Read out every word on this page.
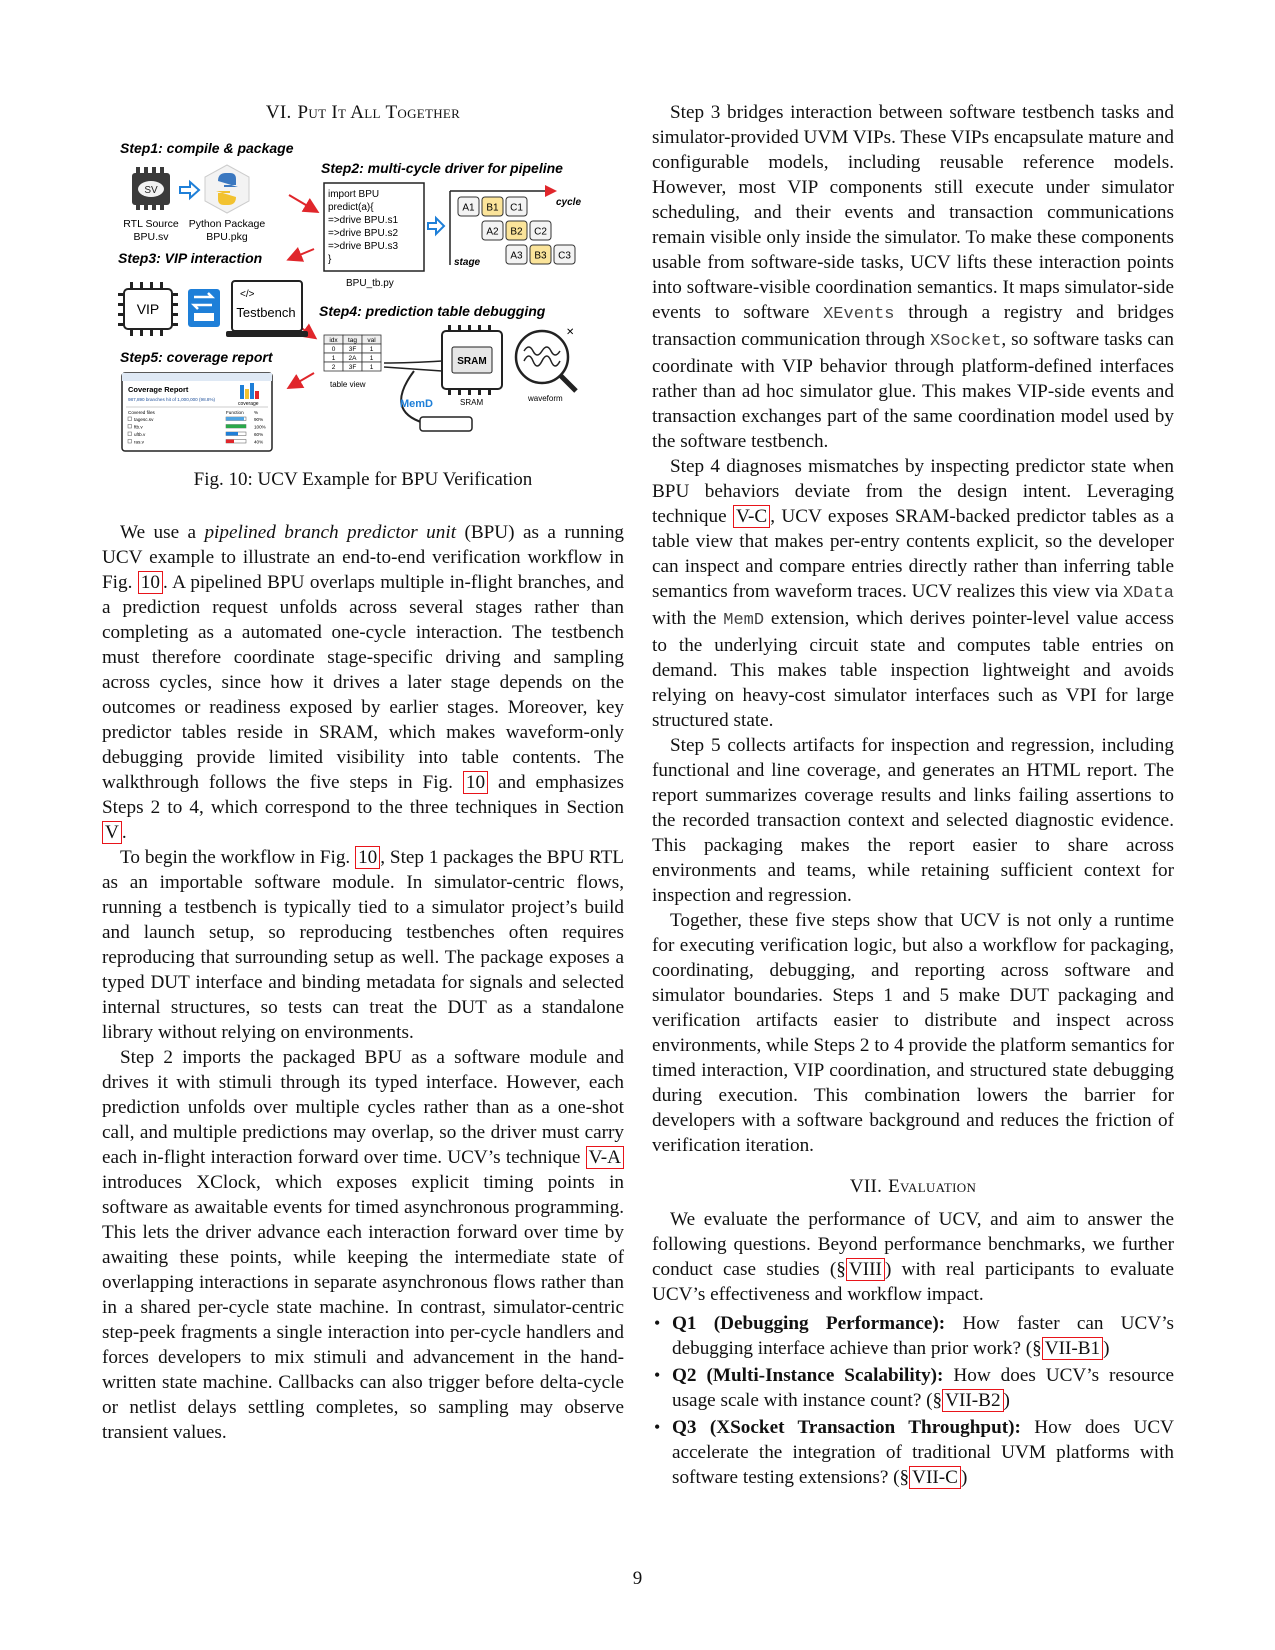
VI. Put It All Together
Step1: compile & package
SV
RTL Source
BPU.sv
Python Package
BPU.pkg
Step2: multi-cycle driver for pipeline
import BPU
predict(a){
=>drive BPU.s1
=>drive BPU.s2
=>drive BPU.s3
}
BPU_tb.py
cycle
stage
A1 B1 C1
A2 B2 C2
A3 B3 C3
Step3: VIP interaction
VIP
</>
Testbench Step4: prediction table debugging
idx tag val
0 3F 1
1 2A 1
2 3F 1
table view
SRAM
SRAM
MemD
✕
waveform
Step5: coverage report
Coverage Report
987,890 branches hit of 1,000,000 (98.8%)
coverage
Covered files	Function %
tagesc.sv	90%
ftb.v	100%
uftb.v	60%
ras.v	40%
Fig. 10: UCV Example for BPU Verification

We use a pipelined branch predictor unit (BPU) as a running UCV example to illustrate an end-to-end verification workflow in Fig. 10 . A pipelined BPU overlaps multiple in-flight branches, and a prediction request unfolds across several stages rather than completing as a automated one-cycle interaction. The testbench must therefore coordinate stage-specific driving and sampling across cycles, since how it drives a later stage depends on the outcomes or readiness exposed by earlier stages. Moreover, key predictor tables reside in SRAM, which makes waveform-only debugging provide limited visibility into table contents. The walkthrough follows the five steps in Fig. 10 and emphasizes Steps 2 to 4, which correspond to the three techniques in Section V .

To begin the workflow in Fig. 10 , Step 1 packages the BPU RTL as an importable software module. In simulator-centric flows, running a testbench is typically tied to a simulator project’s build and launch setup, so reproducing testbenches often requires reproducing that surrounding setup as well. The package exposes a typed DUT interface and binding metadata for signals and selected internal structures, so tests can treat the DUT as a standalone library without relying on environments.

Step 2 imports the packaged BPU as a software module and drives it with stimuli through its typed interface. However, each prediction unfolds over multiple cycles rather than as a one-shot call, and multiple predictions may overlap, so the driver must carry each in-flight interaction forward over time. UCV’s technique V-A introduces XClock, which exposes explicit timing points in software as awaitable events for timed asynchronous programming. This lets the driver advance each interaction forward over time by awaiting these points, while keeping the intermediate state of overlapping interactions in separate asynchronous flows rather than in a shared per-cycle state machine. In contrast, simulator-centric step-peek fragments a single interaction into per-cycle handlers and forces developers to mix stimuli and advancement in the hand-written state machine. Callbacks can also trigger before delta-cycle or netlist delays settling completes, so sampling may observe transient values.

Step 3 bridges interaction between software testbench tasks and simulator-provided UVM VIPs. These VIPs encapsulate mature and configurable models, including reusable reference models. However, most VIP components still execute under simulator scheduling, and their events and transaction communications remain visible only inside the simulator. To make these components usable from software-side tasks, UCV lifts these interaction points into software-visible coordination semantics. It maps simulator-side events to software XEvents through a registry and bridges transaction communication through XSocket, so software tasks can coordinate with VIP behavior through platform-defined interfaces rather than ad hoc simulator glue. This makes VIP-side events and transaction exchanges part of the same coordination model used by the software testbench.

Step 4 diagnoses mismatches by inspecting predictor state when BPU behaviors deviate from the design intent. Leveraging technique V-C , UCV exposes SRAM-backed predictor tables as a table view that makes per-entry contents explicit, so the developer can inspect and compare entries directly rather than inferring table semantics from waveform traces. UCV realizes this view via XData with the MemD extension, which derives pointer-level value access to the underlying circuit state and computes table entries on demand. This makes table inspection lightweight and avoids relying on heavy-cost simulator interfaces such as VPI for large structured state.

Step 5 collects artifacts for inspection and regression, including functional and line coverage, and generates an HTML report. The report summarizes coverage results and links failing assertions to the recorded transaction context and selected diagnostic evidence. This packaging makes the report easier to share across environments and teams, while retaining sufficient context for inspection and regression.

Together, these five steps show that UCV is not only a runtime for executing verification logic, but also a workflow for packaging, coordinating, debugging, and reporting across software and simulator boundaries. Steps 1 and 5 make DUT packaging and verification artifacts easier to distribute and inspect across environments, while Steps 2 to 4 provide the platform semantics for timed interaction, VIP coordination, and structured state debugging during execution. This combination lowers the barrier for developers with a software background and reduces the friction of verification iteration.

VII. Evaluation

We evaluate the performance of UCV, and aim to answer the following questions. Beyond performance benchmarks, we further conduct case studies (§ VIII ) with real participants to evaluate UCV’s effectiveness and workflow impact.

• Q1 (Debugging Performance): How faster can UCV’s debugging interface achieve than prior work? (§ VII-B1 )
• Q2 (Multi-Instance Scalability): How does UCV’s resource usage scale with instance count? (§ VII-B2 )
• Q3 (XSocket Transaction Throughput): How does UCV accelerate the integration of traditional UVM platforms with software testing extensions? (§ VII-C )
9
